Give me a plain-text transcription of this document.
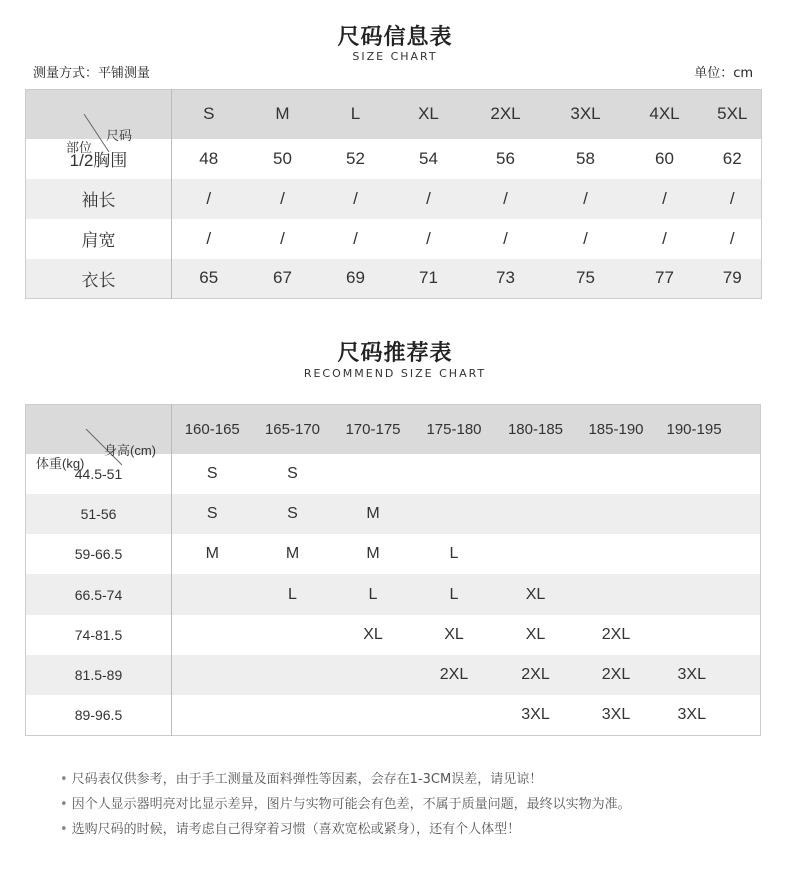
尺码信息表
SIZE CHART
测量方式：平铺测量	单位：cm
尺码
部位	S	M	L	XL	2XL	3XL	4XL	5XL
1/2胸围	48	50	52	54	56	58	60	62
袖长	/	/	/	/	/	/	/	/
肩宽	/	/	/	/	/	/	/	/
衣长	65	67	69	71	73	75	77	79
尺码推荐表
RECOMMEND SIZE CHART
身高(cm)
体重(kg)	160-165	165-170	170-175	175-180	180-185	185-190	190-195
44.5-51	S	S					
51-56	S	S	M				
59-66.5	M	M	M	L			
66.5-74		L	L	L	XL		
74-81.5			XL	XL	XL	2XL	
81.5-89				2XL	2XL	2XL	3XL
89-96.5					3XL	3XL	3XL
• 尺码表仅供参考，由于手工测量及面料弹性等因素，会存在1-3CM误差，请见谅！
• 因个人显示器明亮对比显示差异，图片与实物可能会有色差，不属于质量问题，最终以实物为准。
• 选购尺码的时候，请考虑自己得穿着习惯（喜欢宽松或紧身），还有个人体型！
